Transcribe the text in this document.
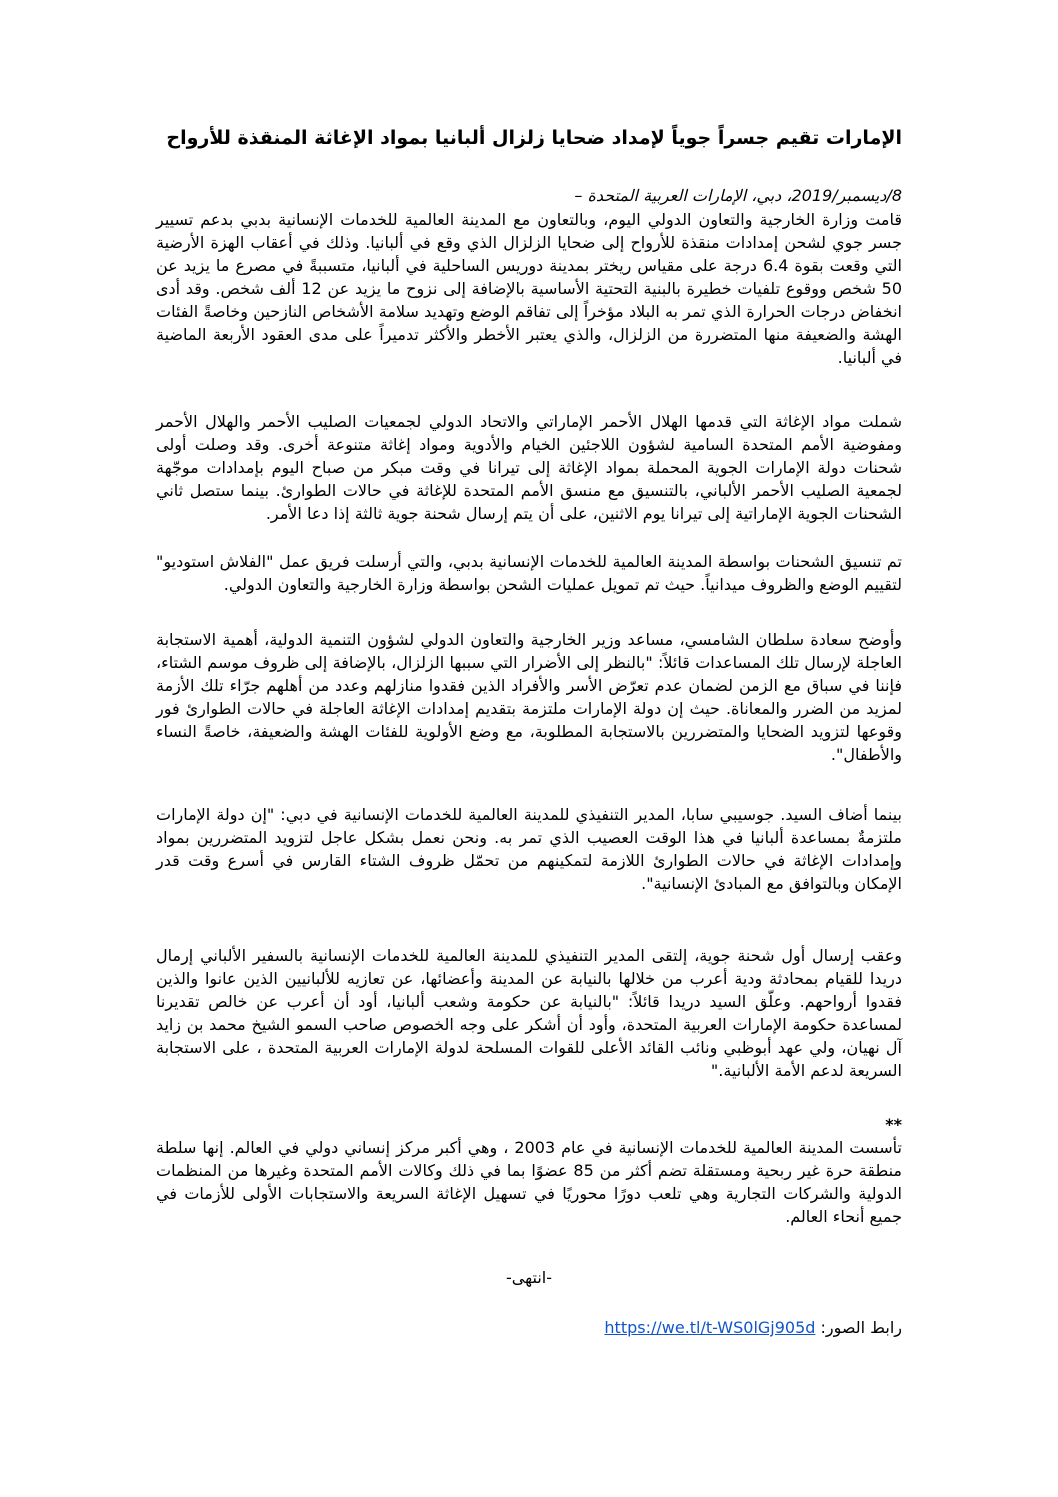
الإمارات تقيم جسراً جوياً لإمداد ضحايا زلزال ألبانيا بمواد الإغاثة المنقذة للأرواح

8/ديسمبر/2019، دبي، الإمارات العربية المتحدة –

قامت وزارة الخارجية والتعاون الدولي اليوم، وبالتعاون مع المدينة العالمية للخدمات الإنسانية بدبي بدعم تسيير جسر جوي لشحن إمدادات منقذة للأرواح إلى ضحايا الزلزال الذي وقع في ألبانيا. وذلك في أعقاب الهزة الأرضية التي وقعت بقوة 6.4 درجة على مقياس ريختر بمدينة دوريس الساحلية في ألبانيا، متسببةً في مصرع ما يزيد عن 50 شخص ووقوع تلفيات خطيرة بالبنية التحتية الأساسية بالإضافة إلى نزوح ما يزيد عن 12 ألف شخص. وقد أدى انخفاض درجات الحرارة الذي تمر به البلاد مؤخراً إلى تفاقم الوضع وتهديد سلامة الأشخاص النازحين وخاصةً الفئات الهشة والضعيفة منها المتضررة من الزلزال، والذي يعتبر الأخطر والأكثر تدميراً على مدى العقود الأربعة الماضية في ألبانيا.

شملت مواد الإغاثة التي قدمها الهلال الأحمر الإماراتي والاتحاد الدولي لجمعيات الصليب الأحمر والهلال الأحمر ومفوضية الأمم المتحدة السامية لشؤون اللاجئين الخيام والأدوية ومواد إغاثة متنوعة أخرى. وقد وصلت أولى شحنات دولة الإمارات الجوية المحملة بمواد الإغاثة إلى تيرانا في وقت مبكر من صباح اليوم بإمدادات موجّهة لجمعية الصليب الأحمر الألباني، بالتنسيق مع منسق الأمم المتحدة للإغاثة في حالات الطوارئ. بينما ستصل ثاني الشحنات الجوية الإماراتية إلى تيرانا يوم الاثنين، على أن يتم إرسال شحنة جوية ثالثة إذا دعا الأمر.

تم تنسيق الشحنات بواسطة المدينة العالمية للخدمات الإنسانية بدبي، والتي أرسلت فريق عمل "الفلاش استوديو" لتقييم الوضع والظروف ميدانياً. حيث تم تمويل عمليات الشحن بواسطة وزارة الخارجية والتعاون الدولي.

وأوضح سعادة سلطان الشامسي، مساعد وزير الخارجية والتعاون الدولي لشؤون التنمية الدولية، أهمية الاستجابة العاجلة لإرسال تلك المساعدات قائلاً: "بالنظر إلى الأضرار التي سببها الزلزال، بالإضافة إلى ظروف موسم الشتاء، فإننا في سباق مع الزمن لضمان عدم تعرّض الأسر والأفراد الذين فقدوا منازلهم وعدد من أهلهم جرّاء تلك الأزمة لمزيد من الضرر والمعاناة. حيث إن دولة الإمارات ملتزمة بتقديم إمدادات الإغاثة العاجلة في حالات الطوارئ فور وقوعها لتزويد الضحايا والمتضررين بالاستجابة المطلوبة، مع وضع الأولوية للفئات الهشة والضعيفة، خاصةً النساء والأطفال".

بينما أضاف السيد. جوسيبي سابا، المدير التنفيذي للمدينة العالمية للخدمات الإنسانية في دبي: "إن دولة الإمارات ملتزمةٌ بمساعدة ألبانيا في هذا الوقت العصيب الذي تمر به. ونحن نعمل بشكل عاجل لتزويد المتضررين بمواد وإمدادات الإغاثة في حالات الطوارئ اللازمة لتمكينهم من تحمّل ظروف الشتاء القارس في أسرع وقت قدر الإمكان وبالتوافق مع المبادئ الإنسانية".

وعقب إرسال أول شحنة جوية، إلتقى المدير التنفيذي للمدينة العالمية للخدمات الإنسانية بالسفير الألباني إرمال دريدا للقيام بمحادثة ودية أعرب من خلالها بالنيابة عن المدينة وأعضائها، عن تعازيه للألبانيين الذين عانوا والذين فقدوا أرواحهم. وعلّق السيد دريدا قائلاً: "بالنيابة عن حكومة وشعب ألبانيا، أود أن أعرب عن خالص تقديرنا لمساعدة حكومة الإمارات العربية المتحدة، وأود أن أشكر على وجه الخصوص صاحب السمو الشيخ محمد بن زايد آل نهيان، ولي عهد أبوظبي ونائب القائد الأعلى للقوات المسلحة لدولة الإمارات العربية المتحدة ، على الاستجابة السريعة لدعم الأمة الألبانية."

**

تأسست المدينة العالمية للخدمات الإنسانية في عام 2003 ، وهي أكبر مركز إنساني دولي في العالم. إنها سلطة منطقة حرة غير ربحية ومستقلة تضم أكثر من 85 عضوًا بما في ذلك وكالات الأمم المتحدة وغيرها من المنظمات الدولية والشركات التجارية وهي تلعب دورًا محوريًا في تسهيل الإغاثة السريعة والاستجابات الأولى للأزمات في جميع أنحاء العالم.

-انتهى-

رابط الصور: https://we.tl/t-WS0lGj905d
